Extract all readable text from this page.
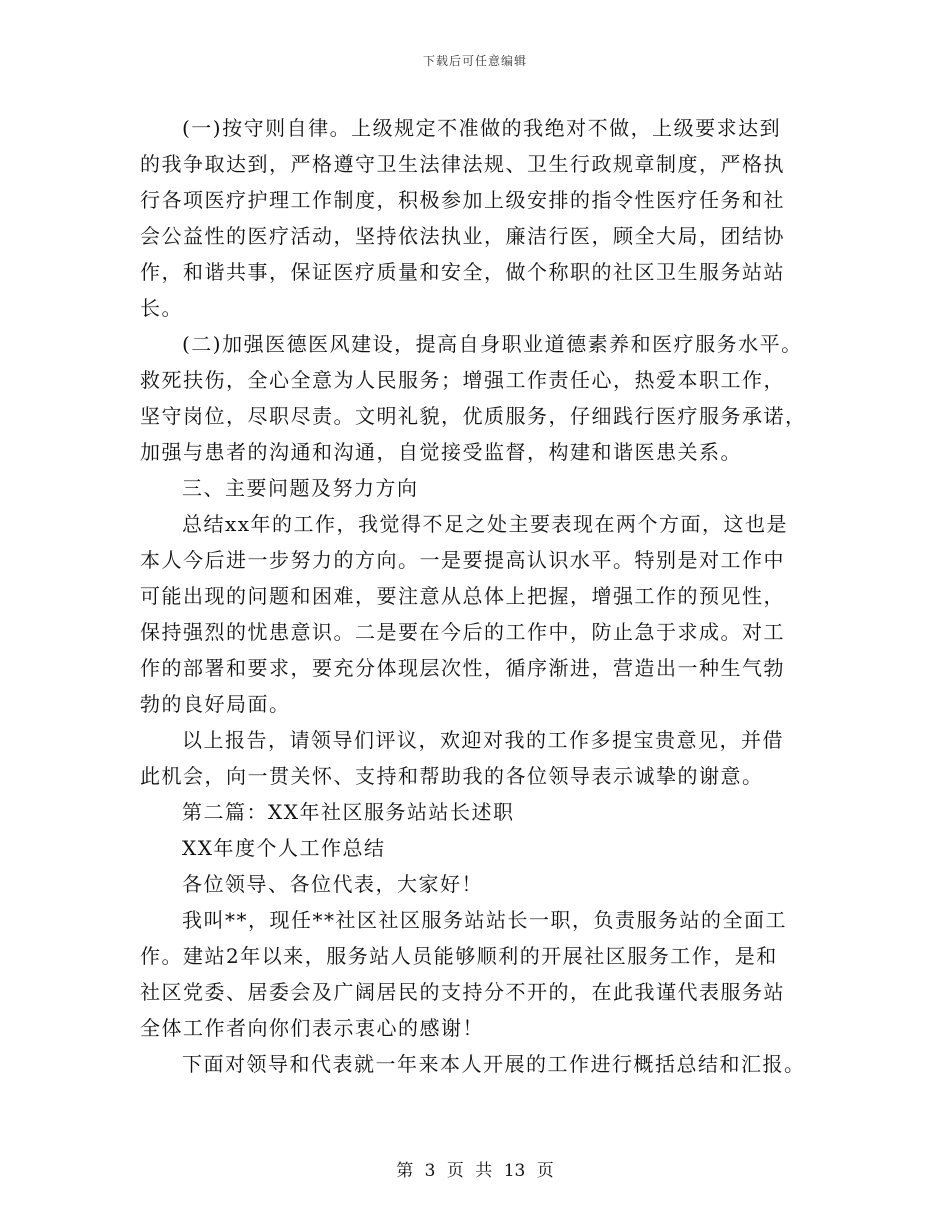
下载后可任意编辑
(一)按守则自律。上级规定不准做的我绝对不做，上级要求达到
的我争取达到，严格遵守卫生法律法规、卫生行政规章制度，严格执
行各项医疗护理工作制度，积极参加上级安排的指令性医疗任务和社
会公益性的医疗活动，坚持依法执业，廉洁行医，顾全大局，团结协
作，和谐共事，保证医疗质量和安全，做个称职的社区卫生服务站站
长。
(二)加强医德医风建设，提高自身职业道德素养和医疗服务水平。
救死扶伤，全心全意为人民服务；增强工作责任心，热爱本职工作，
坚守岗位，尽职尽责。文明礼貌，优质服务，仔细践行医疗服务承诺，
加强与患者的沟通和沟通，自觉接受监督，构建和谐医患关系。
三、主要问题及努力方向
总结xx年的工作，我觉得不足之处主要表现在两个方面，这也是
本人今后进一步努力的方向。一是要提高认识水平。特别是对工作中
可能出现的问题和困难，要注意从总体上把握，增强工作的预见性，
保持强烈的忧患意识。二是要在今后的工作中，防止急于求成。对工
作的部署和要求，要充分体现层次性，循序渐进，营造出一种生气勃
勃的良好局面。
以上报告，请领导们评议，欢迎对我的工作多提宝贵意见，并借
此机会，向一贯关怀、支持和帮助我的各位领导表示诚挚的谢意。
第二篇：XX年社区服务站站长述职
XX年度个人工作总结
各位领导、各位代表，大家好！
我叫**，现任**社区社区服务站站长一职，负责服务站的全面工
作。建站2年以来，服务站人员能够顺利的开展社区服务工作，是和
社区党委、居委会及广阔居民的支持分不开的，在此我谨代表服务站
全体工作者向你们表示衷心的感谢！
下面对领导和代表就一年来本人开展的工作进行概括总结和汇报。
第 3 页 共 13 页
